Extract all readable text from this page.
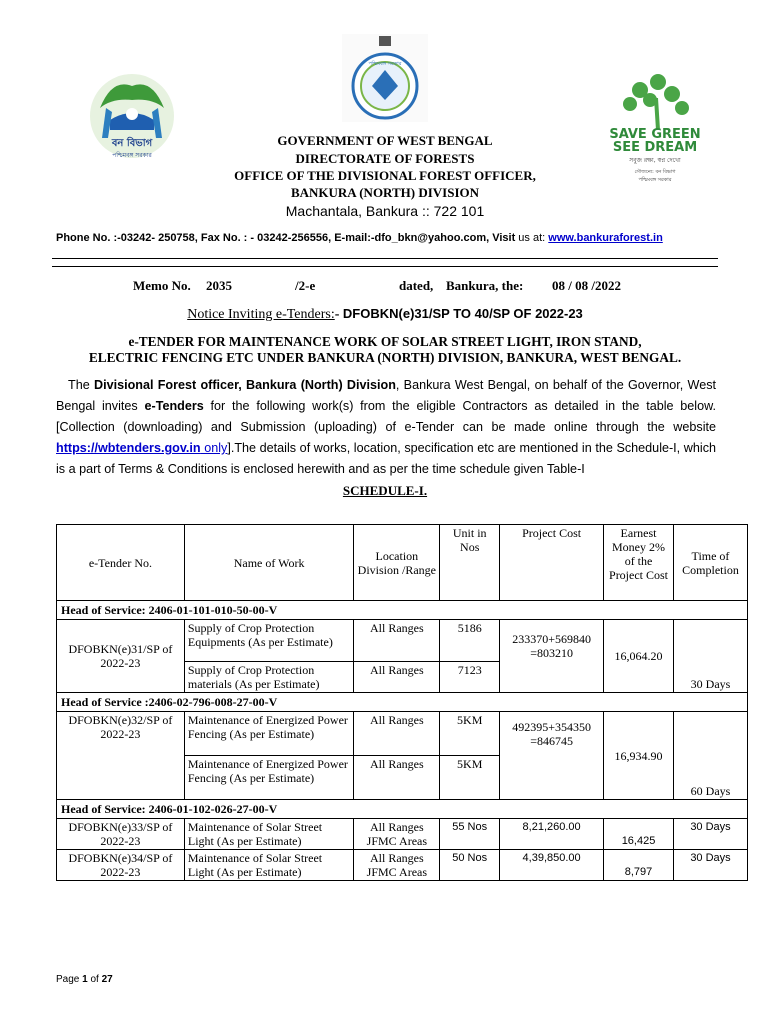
বন বিভাগ
পশ্চিমবঙ্গ সরকার
পশ্চিমবঙ্গ সরকার
SAVE GREEN
SEE DREAM
সবুজ রক্ষা, স্বপ্ন দেখো
সৌজন্যে: বন বিভাগ
পশ্চিমবঙ্গ সরকার
GOVERNMENT OF WEST BENGAL
DIRECTORATE OF FORESTS
OFFICE OF THE DIVISIONAL FOREST OFFICER,
BANKURA (NORTH) DIVISION
Machantala, Bankura :: 722 101
Phone No. :-03242- 250758, Fax No. : - 03242-256556, E-mail:-dfo_bkn@yahoo.com, Visit us at: www.bankuraforest.in
Memo No. 2035	/2-e	dated, Bankura, the: 08 / 08 /2022
Notice Inviting e-Tenders:- DFOBKN(e)31/SP TO 40/SP OF 2022-23
e-TENDER FOR MAINTENANCE WORK OF SOLAR STREET LIGHT, IRON STAND,
ELECTRIC FENCING ETC UNDER BANKURA (NORTH) DIVISION, BANKURA, WEST BENGAL.
The Divisional Forest officer, Bankura (North) Division, Bankura West Bengal, on behalf of the Governor, West Bengal invites e-Tenders for the following work(s) from the eligible Contractors as detailed in the table below. [Collection (downloading) and Submission (uploading) of e-Tender can be made online through the website https://wbtenders.gov.in only].The details of works, location, specification etc are mentioned in the Schedule-I, which is a part of Terms & Conditions is enclosed herewith and as per the time schedule given Table-I
SCHEDULE-I.
e-Tender No.	Name of Work	Location Division /Range	Unit in Nos	Project Cost	Earnest Money 2% of the Project Cost	Time of Completion
Head of Service: 2406-01-101-010-50-00-V						
DFOBKN(e)31/SP of 2022-23	Supply of Crop Protection Equipments (As per Estimate)	All Ranges	5186	233370+569840 =803210	16,064.20	30 Days
	Supply of Crop Protection materials (As per Estimate)	All Ranges	7123			
Head of Service :2406-02-796-008-27-00-V						
DFOBKN(e)32/SP of 2022-23	Maintenance of Energized Power Fencing (As per Estimate)	All Ranges	5KM	492395+354350 =846745	16,934.90	60 Days
	Maintenance of Energized Power Fencing (As per Estimate)	All Ranges	5KM			
Head of Service: 2406-01-102-026-27-00-V						
DFOBKN(e)33/SP of 2022-23	Maintenance of Solar Street Light (As per Estimate)	All Ranges JFMC Areas	55 Nos	8,21,260.00	16,425	30 Days
DFOBKN(e)34/SP of 2022-23	Maintenance of Solar Street Light (As per Estimate)	All Ranges JFMC Areas	50 Nos	4,39,850.00	8,797	30 Days
Page 1 of 27
